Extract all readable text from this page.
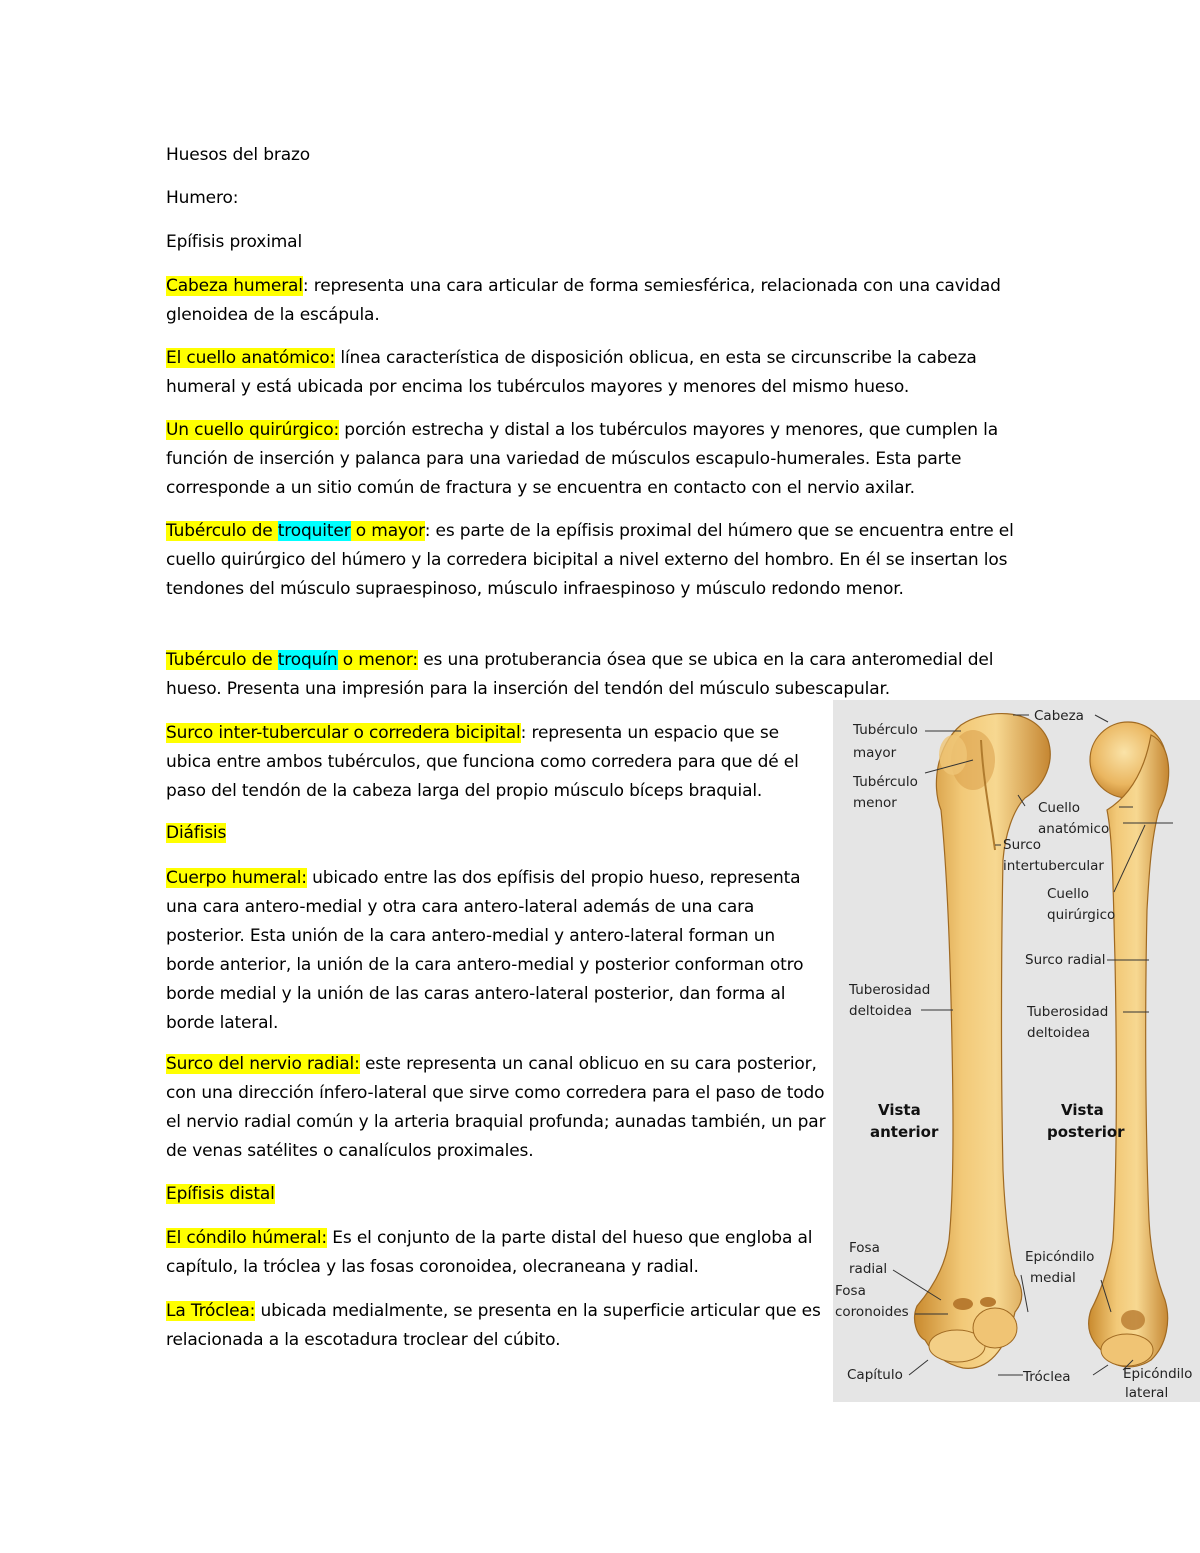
Huesos del brazo

Humero:

Epífisis proximal

Cabeza humeral: representa una cara articular de forma semiesférica, relacionada con una cavidad glenoidea de la escápula.

El cuello anatómico: línea característica de disposición oblicua, en esta se circunscribe la cabeza humeral y está ubicada por encima los tubérculos mayores y menores del mismo hueso.

Un cuello quirúrgico: porción estrecha y distal a los tubérculos mayores y menores, que cumplen la función de inserción y palanca para una variedad de músculos escapulo-humerales. Esta parte corresponde a un sitio común de fractura y se encuentra en contacto con el nervio axilar.

Tubérculo de troquiter o mayor: es parte de la epífisis proximal del húmero que se encuentra entre el cuello quirúrgico del húmero y la corredera bicipital a nivel externo del hombro. En él se insertan los tendones del músculo supraespinoso, músculo infraespinoso y músculo redondo menor.

Tubérculo de troquín o menor: es una protuberancia ósea que se ubica en la cara anteromedial del hueso. Presenta una impresión para la inserción del tendón del músculo subescapular.

Surco inter-tubercular o corredera bicipital: representa un espacio que se ubica entre ambos tubérculos, que funciona como corredera para que dé el paso del tendón de la cabeza larga del propio músculo bíceps braquial.

Diáfisis

Cuerpo humeral: ubicado entre las dos epífisis del propio hueso, representa una cara antero-medial y otra cara antero-lateral además de una cara posterior. Esta unión de la cara antero-medial y antero-lateral forman un borde anterior, la unión de la cara antero-medial y posterior conforman otro borde medial y la unión de las caras antero-lateral posterior, dan forma al borde lateral.

Surco del nervio radial: este representa un canal oblicuo en su cara posterior, con una dirección ínfero-lateral que sirve como corredera para el paso de todo el nervio radial común y la arteria braquial profunda; aunadas también, un par de venas satélites o canalículos proximales.

Epífisis distal

El cóndilo húmeral: Es el conjunto de la parte distal del hueso que engloba al capítulo, la tróclea y las fosas coronoidea, olecraneana y radial.

La Tróclea: ubicada medialmente, se presenta en la superficie articular que es relacionada a la escotadura troclear del cúbito.

Tubérculo
mayor
Tubérculo
menor
Cabeza
Cuello
anatómico
Surco
intertubercular
Cuello
quirúrgico
Surco radial
Tuberosidad
deltoidea	Tuberosidad
deltoidea
Vista
anterior
Vista
posterior
Fosa
radial
Fosa
coronoides
Epicóndilo
medial
Capítulo	Tróclea	Epicóndilo
lateral
